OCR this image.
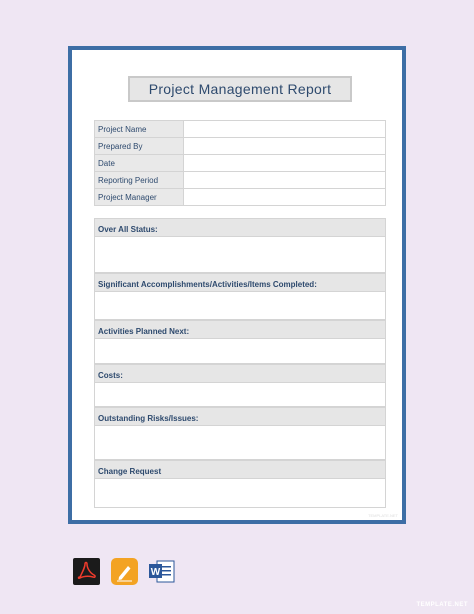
Project Management Report
Project Name	
Prepared By	
Date	
Reporting Period	
Project Manager	
Over All Status:
Significant Accomplishments/Activities/Items Completed:
Activities Planned Next:
Costs:
Outstanding Risks/Issues:
Change Request
TEMPLATE.NET
W
TEMPLATE.NET
